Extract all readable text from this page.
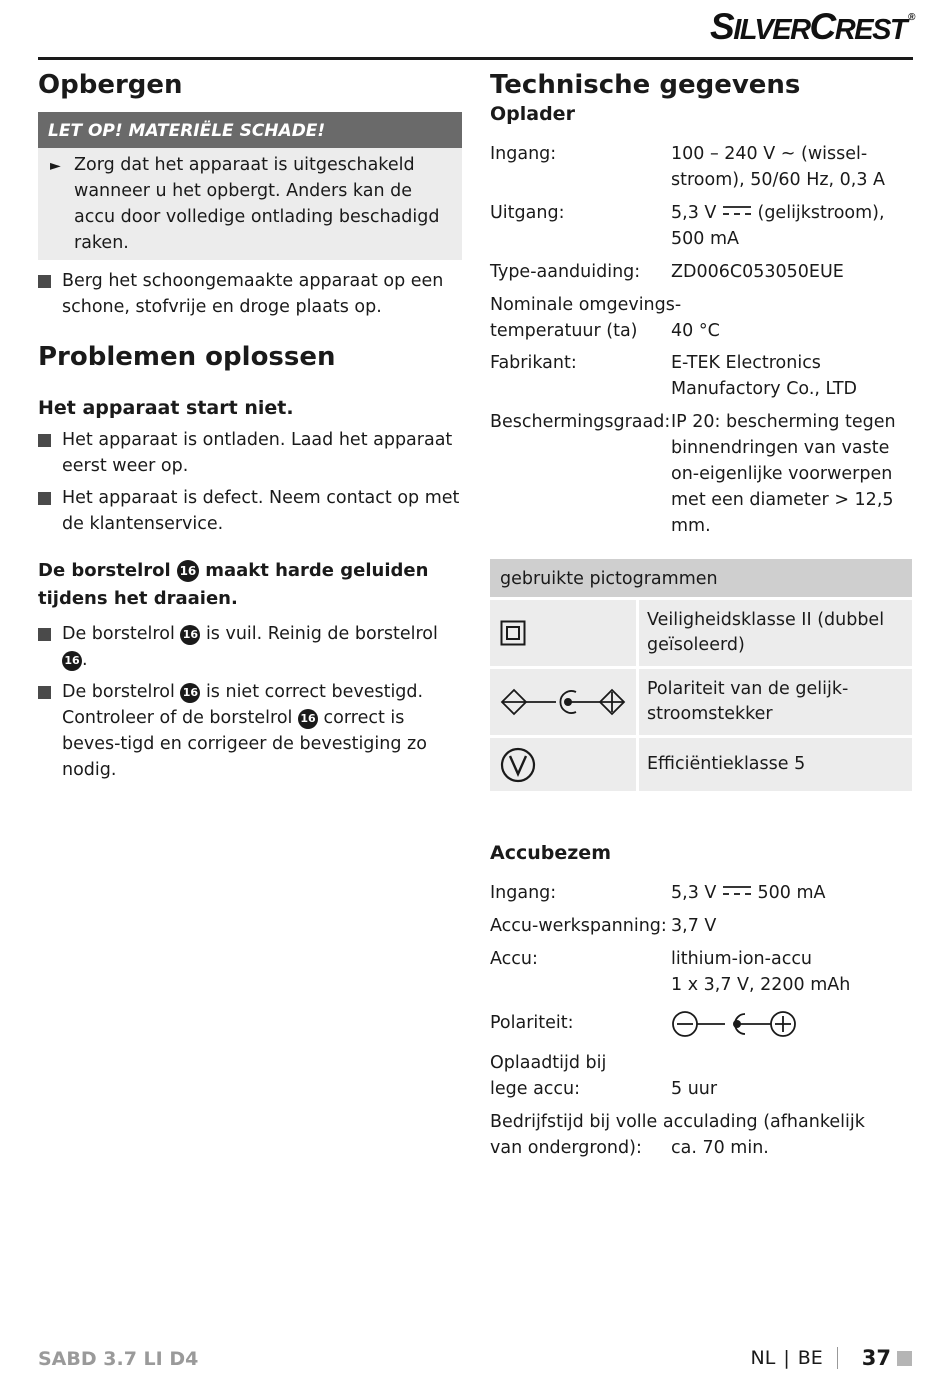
SILVERCREST ®
Opbergen
LET OP! MATERIËLE SCHADE!
► Zorg dat het apparaat is uitgeschakeld wanneer u het opbergt. Anders kan de accu door volledige ontlading beschadigd raken.
Berg het schoongemaakte apparaat op een schone, stofvrije en droge plaats op.
Problemen oplossen
Het apparaat start niet.
Het apparaat is ontladen. Laad het apparaat eerst weer op.
Het apparaat is defect. Neem contact op met de klantenservice.
De borstelrol 16 maakt harde geluiden tijdens het draaien.
De borstelrol 16 is vuil. Reinig de borstelrol 16 .
De borstelrol 16 is niet correct bevestigd. Controleer of de borstelrol 16 correct is beves-tigd en corrigeer de bevestiging zo nodig.
Technische gegevens
Oplader
Ingang:	100 – 240 V ~ (wissel-stroom), 50/60 Hz, 0,3 A
Uitgang:	5,3 V  (gelijkstroom), 500 mA
Type-aanduiding: ZD006C053050EUE
Nominale omgevings-
temperatuur (ta) 40 °C
Fabrikant:	E-TEK Electronics Manufactory Co., LTD
Beschermingsgraad: IP 20: bescherming tegen binnendringen van vaste on-eigenlijke voorwerpen met een diameter > 12,5 mm.
gebruikte pictogrammen
Veiligheidsklasse II (dubbel geïsoleerd)
Polariteit van de gelijk-stroomstekker
Efficiëntieklasse 5
Accubezem
Ingang:	5,3 V  500 mA
Accu-werkspanning: 3,7 V
Accu:	lithium-ion-accu
1 x 3,7 V, 2200 mAh
Polariteit:
Oplaadtijd bij
lege accu:	5 uur
Bedrijfstijd bij volle acculading (afhankelijk
van ondergrond): ca. 70 min.
SABD 3.7 LI D4	NL | BE 37
